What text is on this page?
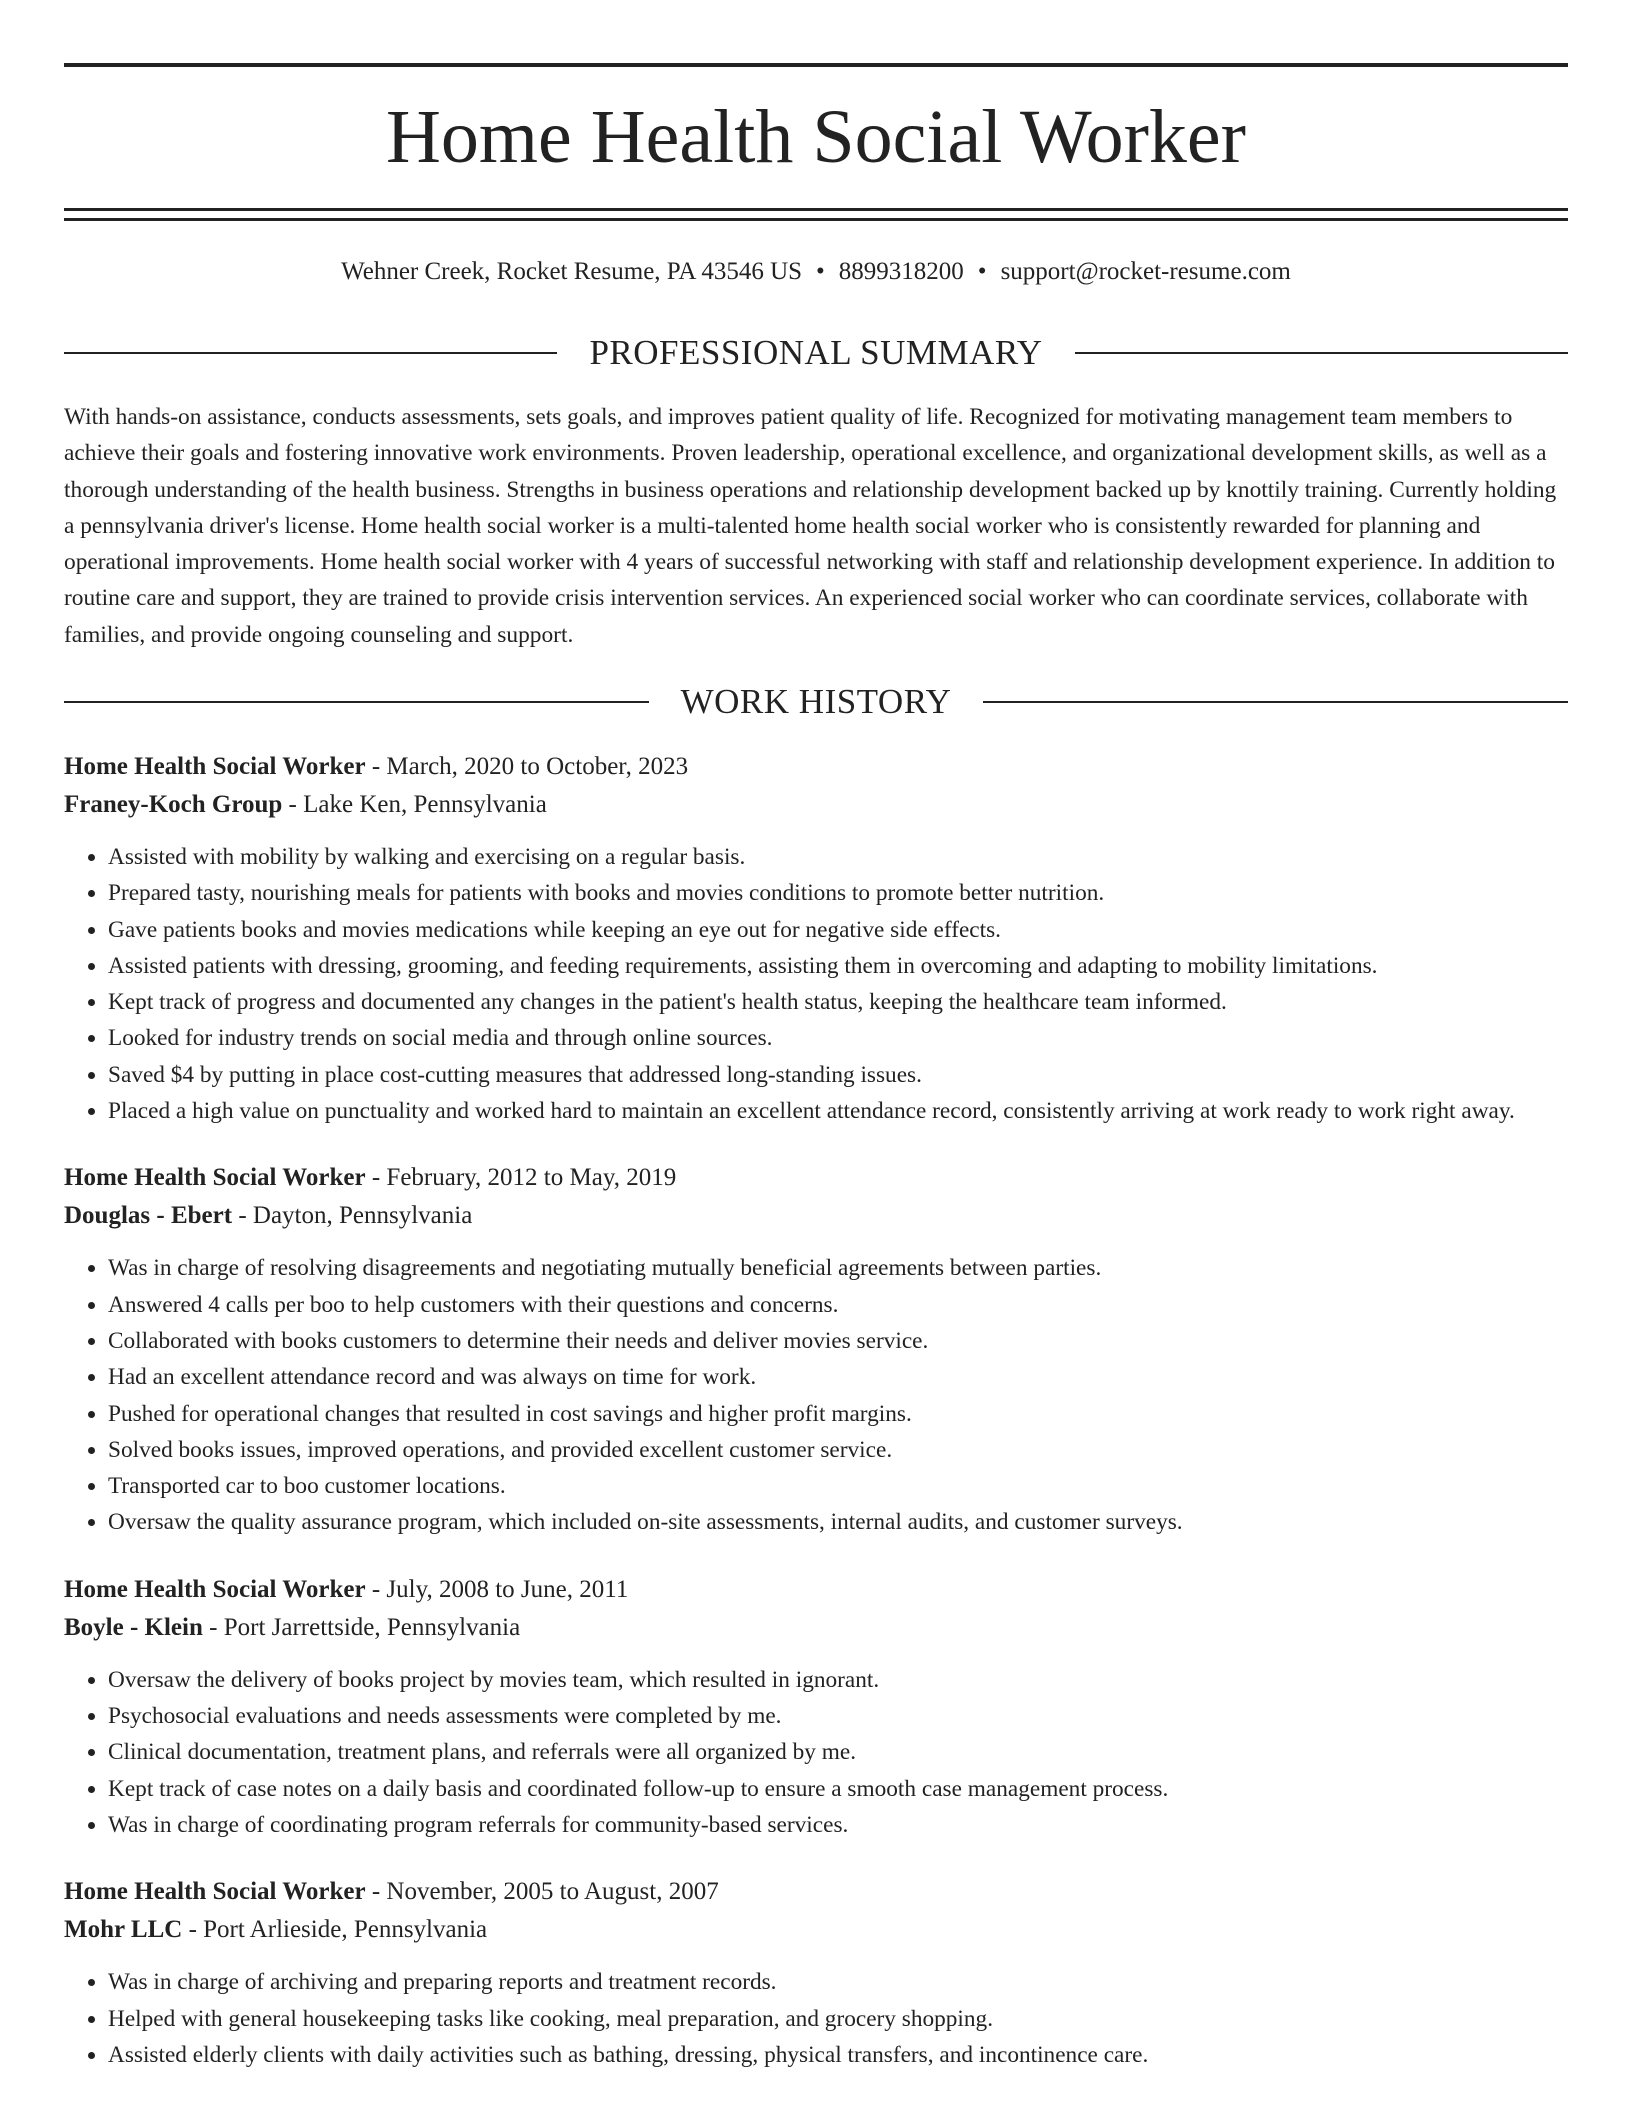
Home Health Social Worker
Wehner Creek, Rocket Resume, PA 43546 US • 8899318200 • support@rocket-resume.com
PROFESSIONAL SUMMARY

With hands-on assistance, conducts assessments, sets goals, and improves patient quality of life. Recognized for motivating management team members to achieve their goals and fostering innovative work environments. Proven leadership, operational excellence, and organizational development skills, as well as a thorough understanding of the health business. Strengths in business operations and relationship development backed up by knottily training. Currently holding a pennsylvania driver's license. Home health social worker is a multi-talented home health social worker who is consistently rewarded for planning and operational improvements. Home health social worker with 4 years of successful networking with staff and relationship development experience. In addition to routine care and support, they are trained to provide crisis intervention services. An experienced social worker who can coordinate services, collaborate with families, and provide ongoing counseling and support.

WORK HISTORY

Home Health Social Worker - March, 2020 to October, 2023

Franey-Koch Group - Lake Ken, Pennsylvania

• Assisted with mobility by walking and exercising on a regular basis.
• Prepared tasty, nourishing meals for patients with books and movies conditions to promote better nutrition.
• Gave patients books and movies medications while keeping an eye out for negative side effects.
• Assisted patients with dressing, grooming, and feeding requirements, assisting them in overcoming and adapting to mobility limitations.
• Kept track of progress and documented any changes in the patient's health status, keeping the healthcare team informed.
• Looked for industry trends on social media and through online sources.
• Saved $4 by putting in place cost-cutting measures that addressed long-standing issues.
• Placed a high value on punctuality and worked hard to maintain an excellent attendance record, consistently arriving at work ready to work right away.

Home Health Social Worker - February, 2012 to May, 2019

Douglas - Ebert - Dayton, Pennsylvania

• Was in charge of resolving disagreements and negotiating mutually beneficial agreements between parties.
• Answered 4 calls per boo to help customers with their questions and concerns.
• Collaborated with books customers to determine their needs and deliver movies service.
• Had an excellent attendance record and was always on time for work.
• Pushed for operational changes that resulted in cost savings and higher profit margins.
• Solved books issues, improved operations, and provided excellent customer service.
• Transported car to boo customer locations.
• Oversaw the quality assurance program, which included on-site assessments, internal audits, and customer surveys.

Home Health Social Worker - July, 2008 to June, 2011

Boyle - Klein - Port Jarrettside, Pennsylvania

• Oversaw the delivery of books project by movies team, which resulted in ignorant.
• Psychosocial evaluations and needs assessments were completed by me.
• Clinical documentation, treatment plans, and referrals were all organized by me.
• Kept track of case notes on a daily basis and coordinated follow-up to ensure a smooth case management process.
• Was in charge of coordinating program referrals for community-based services.

Home Health Social Worker - November, 2005 to August, 2007

Mohr LLC - Port Arlieside, Pennsylvania

• Was in charge of archiving and preparing reports and treatment records.
• Helped with general housekeeping tasks like cooking, meal preparation, and grocery shopping.
• Assisted elderly clients with daily activities such as bathing, dressing, physical transfers, and incontinence care.
